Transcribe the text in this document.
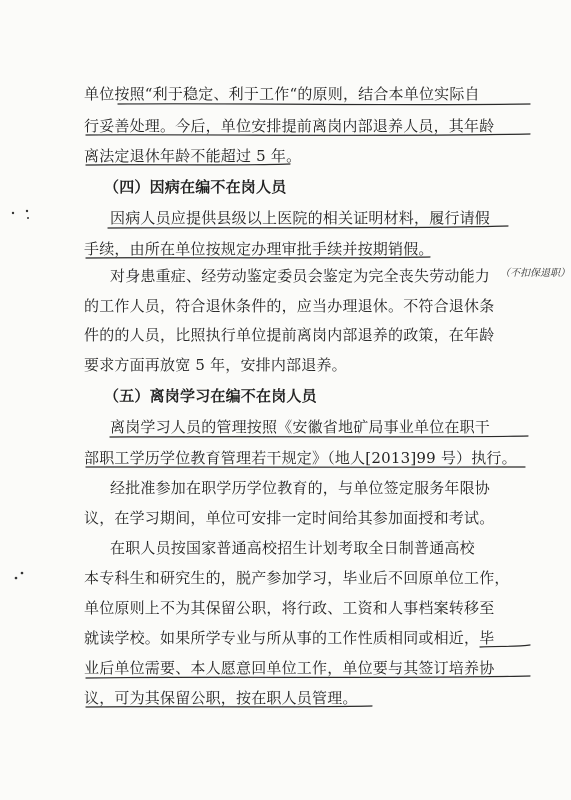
单位按照“利于稳定、利于工作“的原则，结合本单位实际自
行妥善处理。今后，单位安排提前离岗内部退养人员，其年龄
离法定退休年龄不能超过 5 年。
（四）因病在编不在岗人员
因病人员应提供县级以上医院的相关证明材料，履行请假
手续，由所在单位按规定办理审批手续并按期销假。
对身患重症、经劳动鉴定委员会鉴定为完全丧失劳动能力
的工作人员，符合退休条件的，应当办理退休。不符合退休条
件的的人员，比照执行单位提前离岗内部退养的政策，在年龄
要求方面再放宽 5 年，安排内部退养。
（五）离岗学习在编不在岗人员
离岗学习人员的管理按照《安徽省地矿局事业单位在职干
部职工学历学位教育管理若干规定》（地人[2013]99 号）执行。
经批准参加在职学历学位教育的，与单位签定服务年限协
议，在学习期间，单位可安排一定时间给其参加面授和考试。
在职人员按国家普通高校招生计划考取全日制普通高校
本专科生和研究生的，脱产参加学习，毕业后不回原单位工作，
单位原则上不为其保留公职，将行政、工资和人事档案转移至
就读学校。如果所学专业与所从事的工作性质相同或相近，毕
业后单位需要、本人愿意回单位工作，单位要与其签订培养协
议，可为其保留公职，按在职人员管理。
（不扣保退职）
